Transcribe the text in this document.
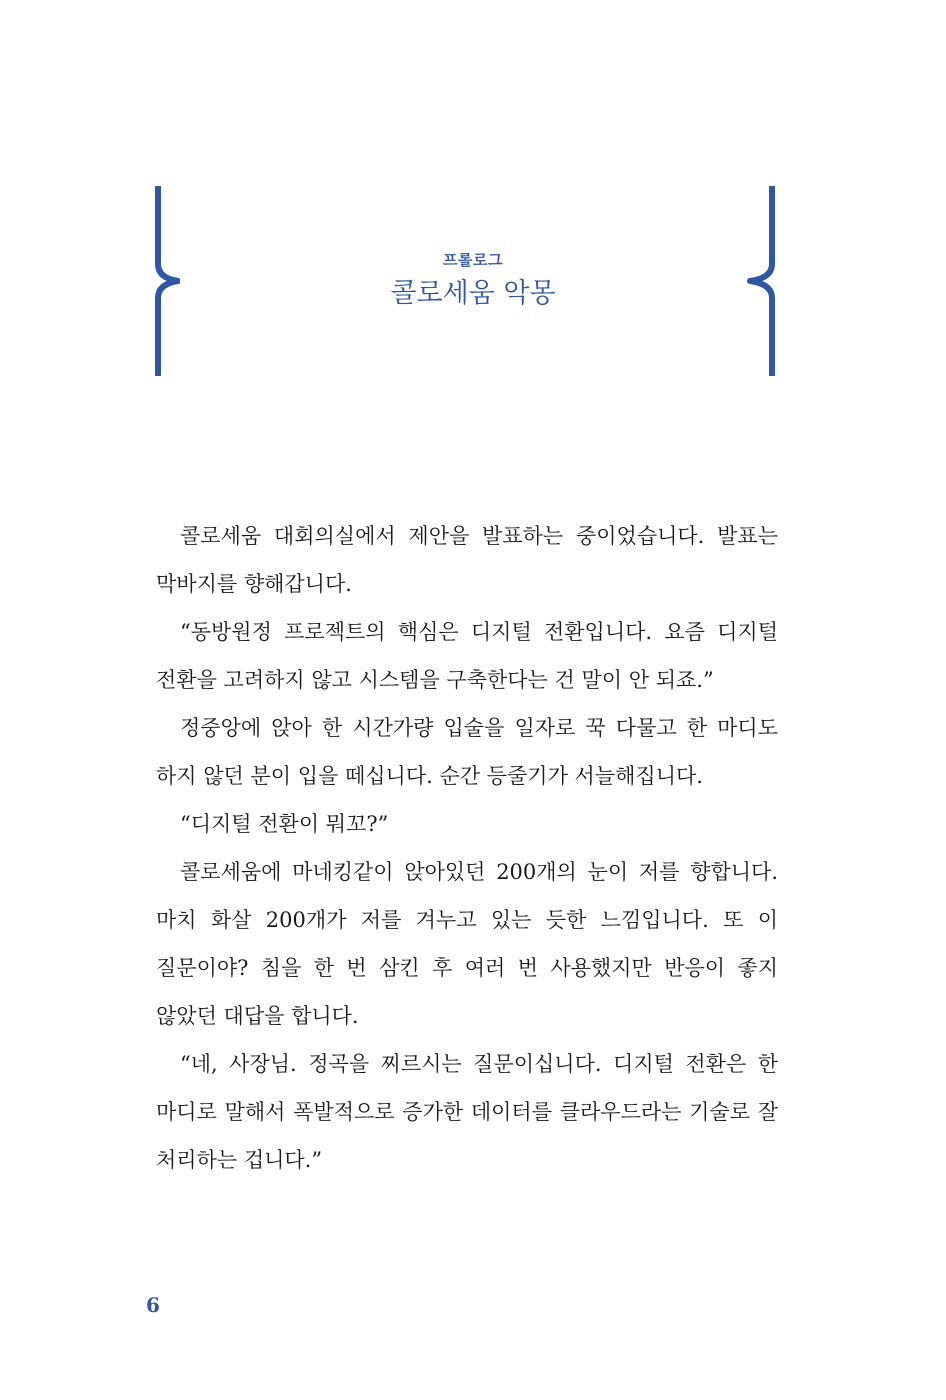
프롤로그
콜로세움 악몽

콜로세움 대회의실에서 제안을 발표하는 중이었습니다. 발표는 막바지를 향해갑니다.

“동방원정 프로젝트의 핵심은 디지털 전환입니다. 요즘 디지털 전환을 고려하지 않고 시스템을 구축한다는 건 말이 안 되죠.”

정중앙에 앉아 한 시간가량 입술을 일자로 꾹 다물고 한 마디도 하지 않던 분이 입을 떼십니다. 순간 등줄기가 서늘해집니다.

“디지털 전환이 뭐꼬?”

콜로세움에 마네킹같이 앉아있던 200개의 눈이 저를 향합니다. 마치 화살 200개가 저를 겨누고 있는 듯한 느낌입니다. 또 이 질문이야? 침을 한 번 삼킨 후 여러 번 사용했지만 반응이 좋지 않았던 대답을 합니다.

“네, 사장님. 정곡을 찌르시는 질문이십니다. 디지털 전환은 한 마디로 말해서 폭발적으로 증가한 데이터를 클라우드라는 기술로 잘 처리하는 겁니다.”

6
